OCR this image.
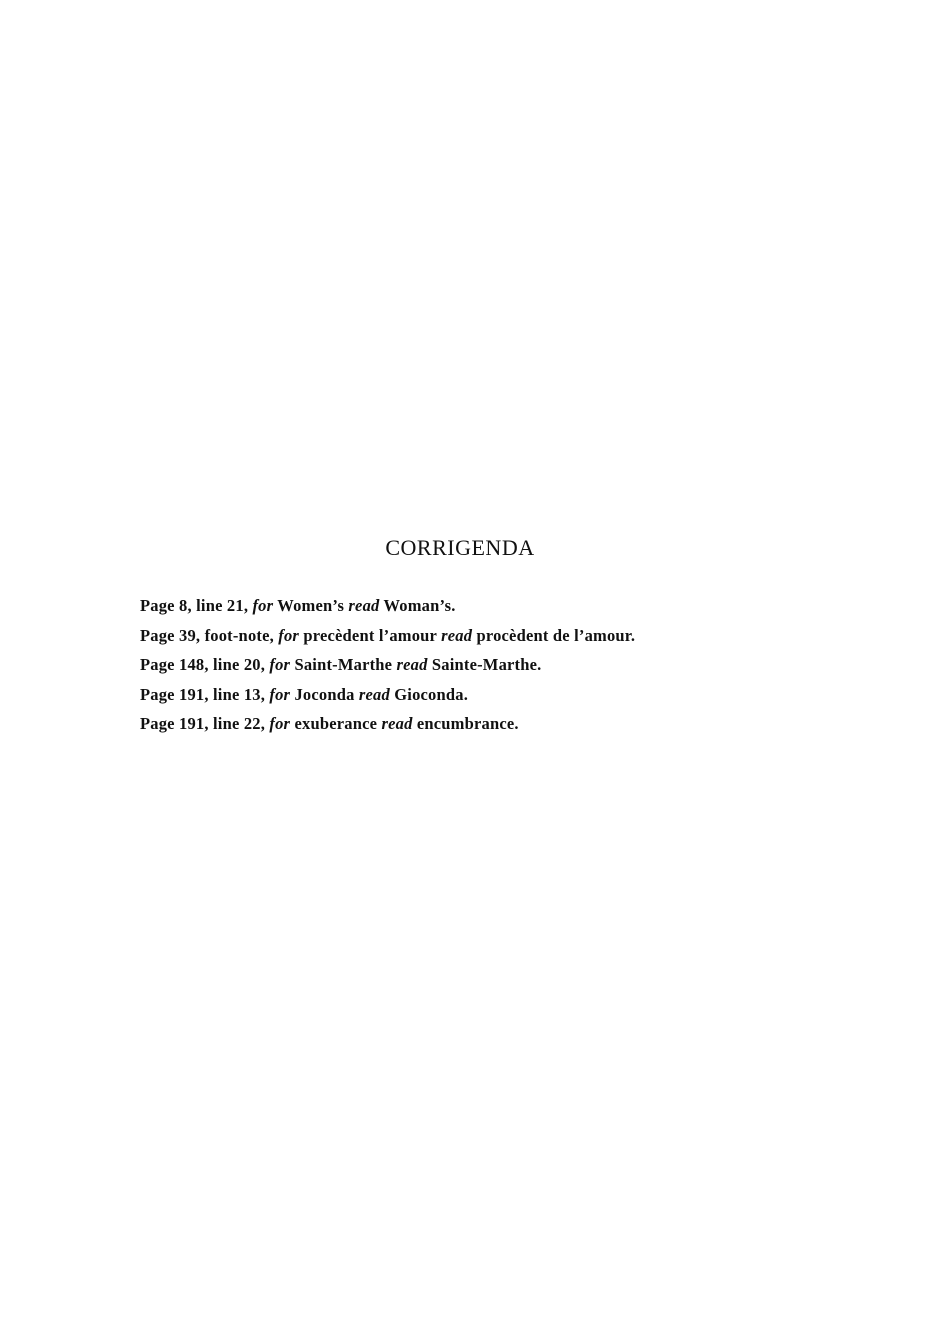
CORRIGENDA
Page 8, line 21, for Women’s read Woman’s.
Page 39, foot-note, for precèdent l’amour read procèdent de l’amour.
Page 148, line 20, for Saint-Marthe read Sainte-Marthe.
Page 191, line 13, for Joconda read Gioconda.
Page 191, line 22, for exuberance read encumbrance.
